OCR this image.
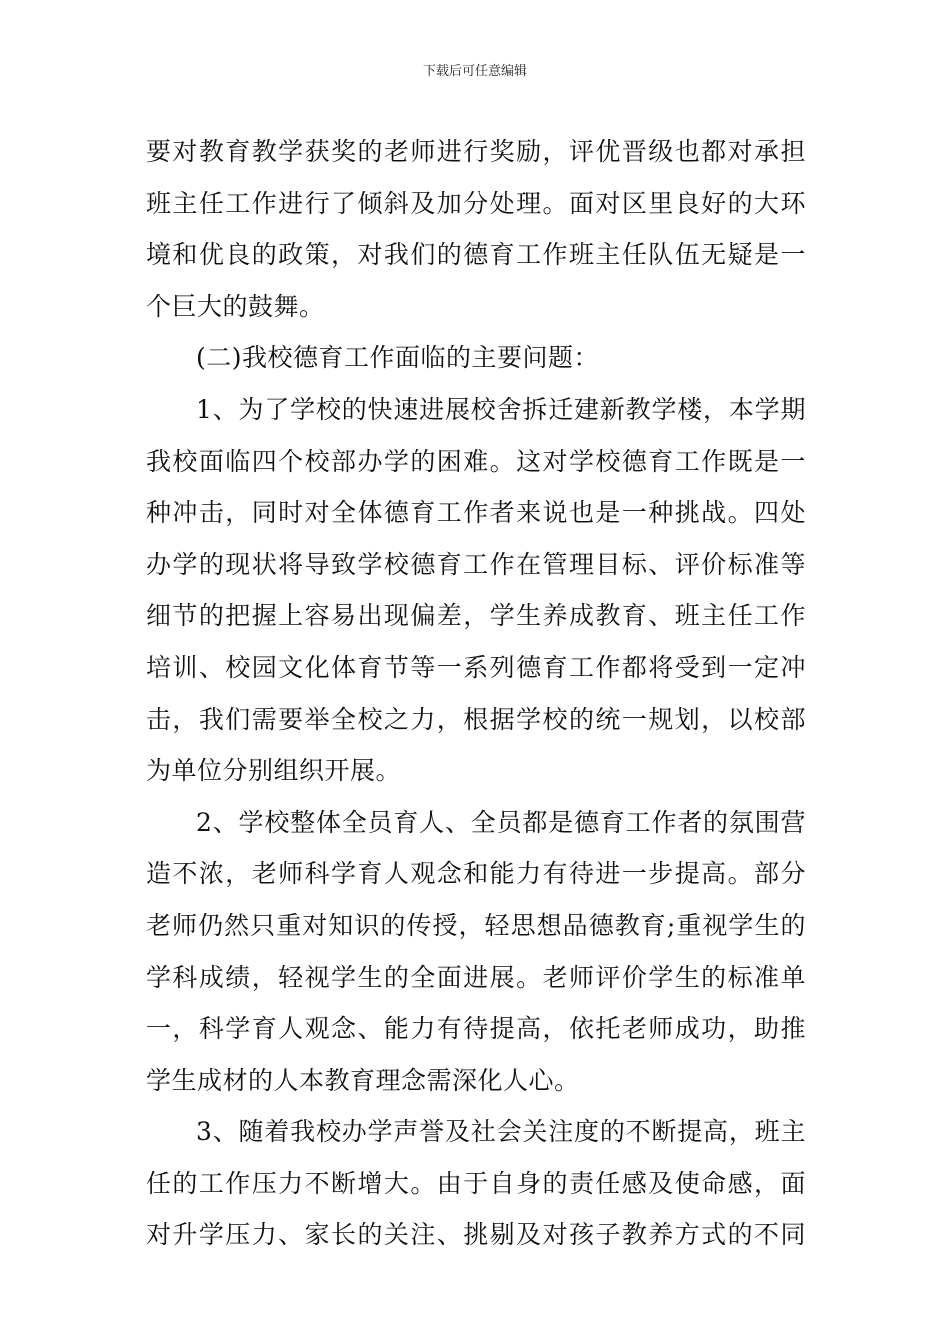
下载后可任意编辑
要对教育教学获奖的老师进行奖励，评优晋级也都对承担
班主任工作进行了倾斜及加分处理。面对区里良好的大环
境和优良的政策，对我们的德育工作班主任队伍无疑是一
个巨大的鼓舞。
(二)我校德育工作面临的主要问题：
1、为了学校的快速进展校舍拆迁建新教学楼，本学期
我校面临四个校部办学的困难。这对学校德育工作既是一
种冲击，同时对全体德育工作者来说也是一种挑战。四处
办学的现状将导致学校德育工作在管理目标、评价标准等
细节的把握上容易出现偏差，学生养成教育、班主任工作
培训、校园文化体育节等一系列德育工作都将受到一定冲
击，我们需要举全校之力，根据学校的统一规划，以校部
为单位分别组织开展。
2、学校整体全员育人、全员都是德育工作者的氛围营
造不浓，老师科学育人观念和能力有待进一步提高。部分
老师仍然只重对知识的传授，轻思想品德教育;重视学生的
学科成绩，轻视学生的全面进展。老师评价学生的标准单
一，科学育人观念、能力有待提高，依托老师成功，助推
学生成材的人本教育理念需深化人心。
3、随着我校办学声誉及社会关注度的不断提高，班主
任的工作压力不断增大。由于自身的责任感及使命感，面
对升学压力、家长的关注、挑剔及对孩子教养方式的不同
